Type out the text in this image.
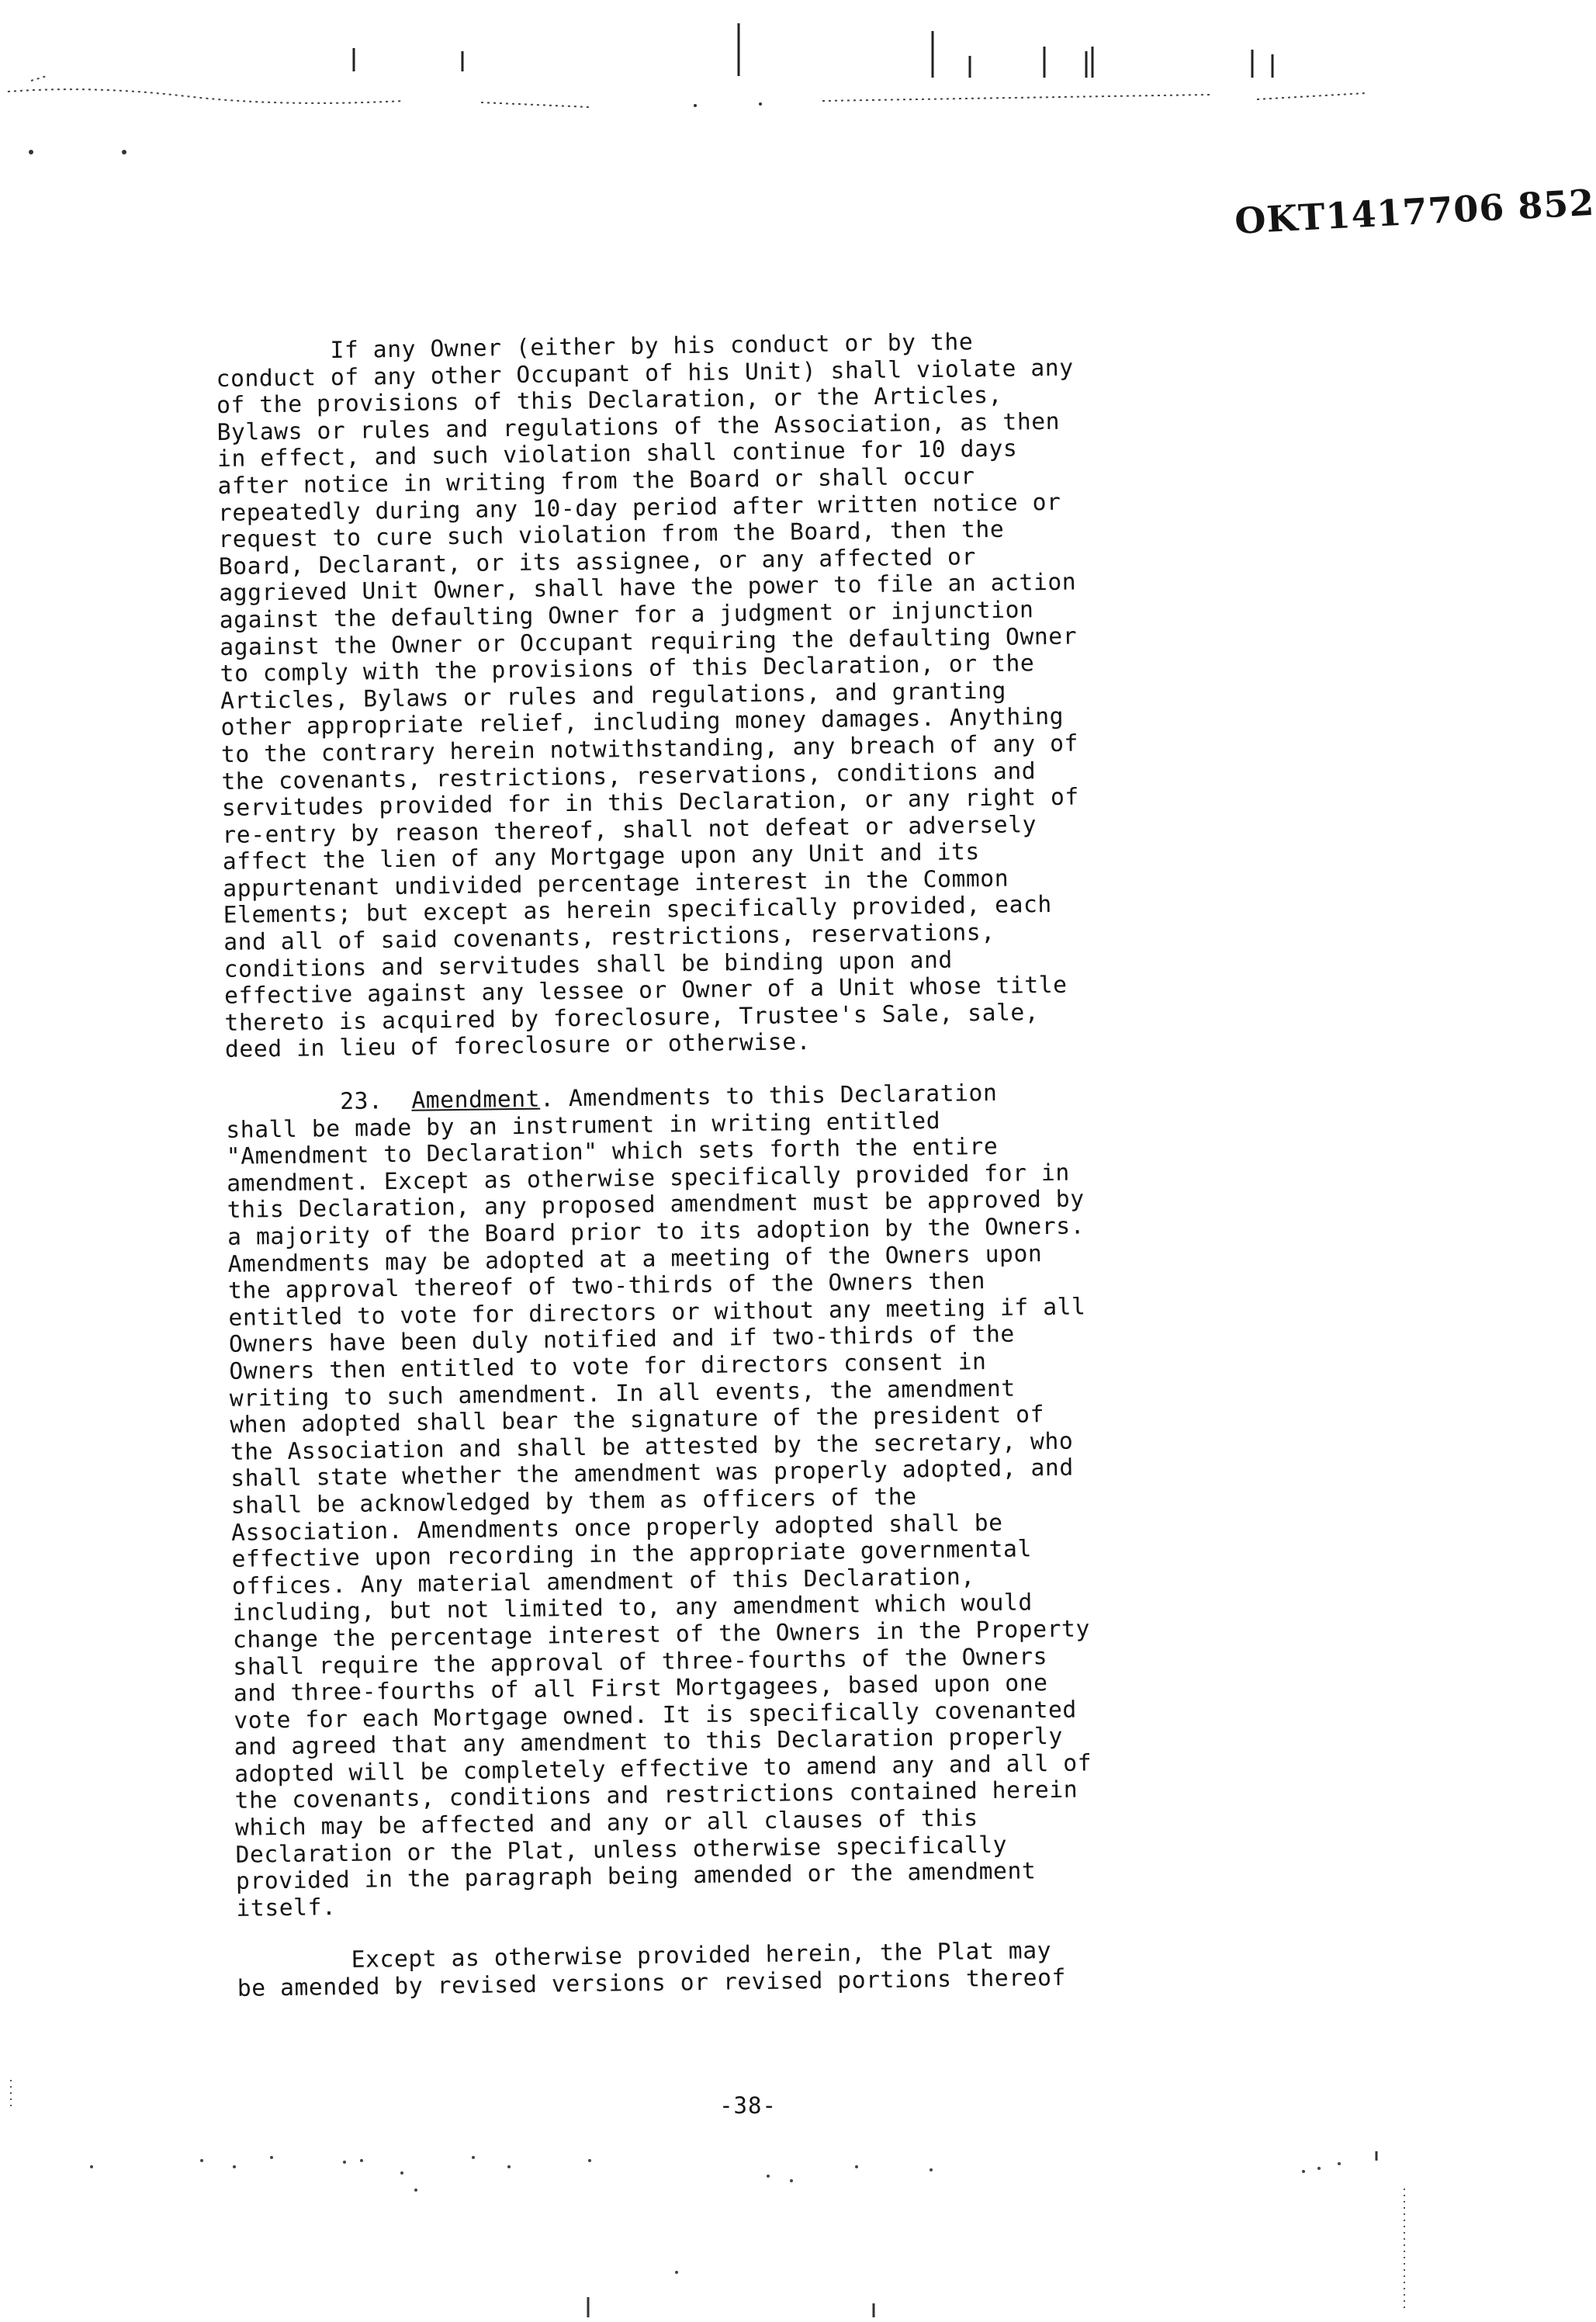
OKT1417706 852
If any Owner (either by his conduct or by the
conduct of any other Occupant of his Unit) shall violate any
of the provisions of this Declaration, or the Articles,
Bylaws or rules and regulations of the Association, as then
in effect, and such violation shall continue for 10 days
after notice in writing from the Board or shall occur
repeatedly during any 10-day period after written notice or
request to cure such violation from the Board, then the
Board, Declarant, or its assignee, or any affected or
aggrieved Unit Owner, shall have the power to file an action
against the defaulting Owner for a judgment or injunction
against the Owner or Occupant requiring the defaulting Owner
to comply with the provisions of this Declaration, or the
Articles, Bylaws or rules and regulations, and granting
other appropriate relief, including money damages. Anything
to the contrary herein notwithstanding, any breach of any of
the covenants, restrictions, reservations, conditions and
servitudes provided for in this Declaration, or any right of
re-entry by reason thereof, shall not defeat or adversely
affect the lien of any Mortgage upon any Unit and its
appurtenant undivided percentage interest in the Common
Elements; but except as herein specifically provided, each
and all of said covenants, restrictions, reservations,
conditions and servitudes shall be binding upon and
effective against any lessee or Owner of a Unit whose title
thereto is acquired by foreclosure, Trustee's Sale, sale,
deed in lieu of foreclosure or otherwise.
23. Amendment. Amendments to this Declaration
shall be made by an instrument in writing entitled
"Amendment to Declaration" which sets forth the entire
amendment. Except as otherwise specifically provided for in
this Declaration, any proposed amendment must be approved by
a majority of the Board prior to its adoption by the Owners.
Amendments may be adopted at a meeting of the Owners upon
the approval thereof of two-thirds of the Owners then
entitled to vote for directors or without any meeting if all
Owners have been duly notified and if two-thirds of the
Owners then entitled to vote for directors consent in
writing to such amendment. In all events, the amendment
when adopted shall bear the signature of the president of
the Association and shall be attested by the secretary, who
shall state whether the amendment was properly adopted, and
shall be acknowledged by them as officers of the
Association. Amendments once properly adopted shall be
effective upon recording in the appropriate governmental
offices. Any material amendment of this Declaration,
including, but not limited to, any amendment which would
change the percentage interest of the Owners in the Property
shall require the approval of three-fourths of the Owners
and three-fourths of all First Mortgagees, based upon one
vote for each Mortgage owned. It is specifically covenanted
and agreed that any amendment to this Declaration properly
adopted will be completely effective to amend any and all of
the covenants, conditions and restrictions contained herein
which may be affected and any or all clauses of this
Declaration or the Plat, unless otherwise specifically
provided in the paragraph being amended or the amendment
itself.
Except as otherwise provided herein, the Plat may
be amended by revised versions or revised portions thereof
-38-
